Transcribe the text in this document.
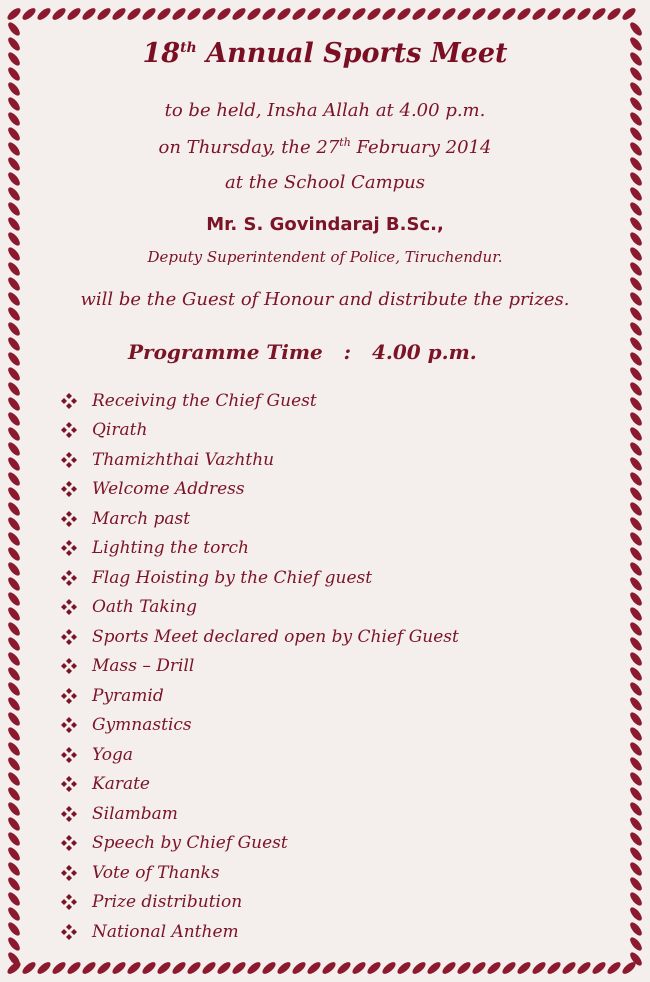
18th Annual Sports Meet
to be held, Insha Allah at 4.00 p.m.
on Thursday, the 27th February 2014
at the School Campus
Mr. S. Govindaraj B.Sc.,
Deputy Superintendent of Police, Tiruchendur.
will be the Guest of Honour and distribute the prizes.
Programme Time : 4.00 p.m.
Receiving the Chief Guest
Qirath
Thamizhthai Vazhthu
Welcome Address
March past
Lighting the torch
Flag Hoisting by the Chief guest
Oath Taking
Sports Meet declared open by Chief Guest
Mass – Drill
Pyramid
Gymnastics
Yoga
Karate
Silambam
Speech by Chief Guest
Vote of Thanks
Prize distribution
National Anthem
